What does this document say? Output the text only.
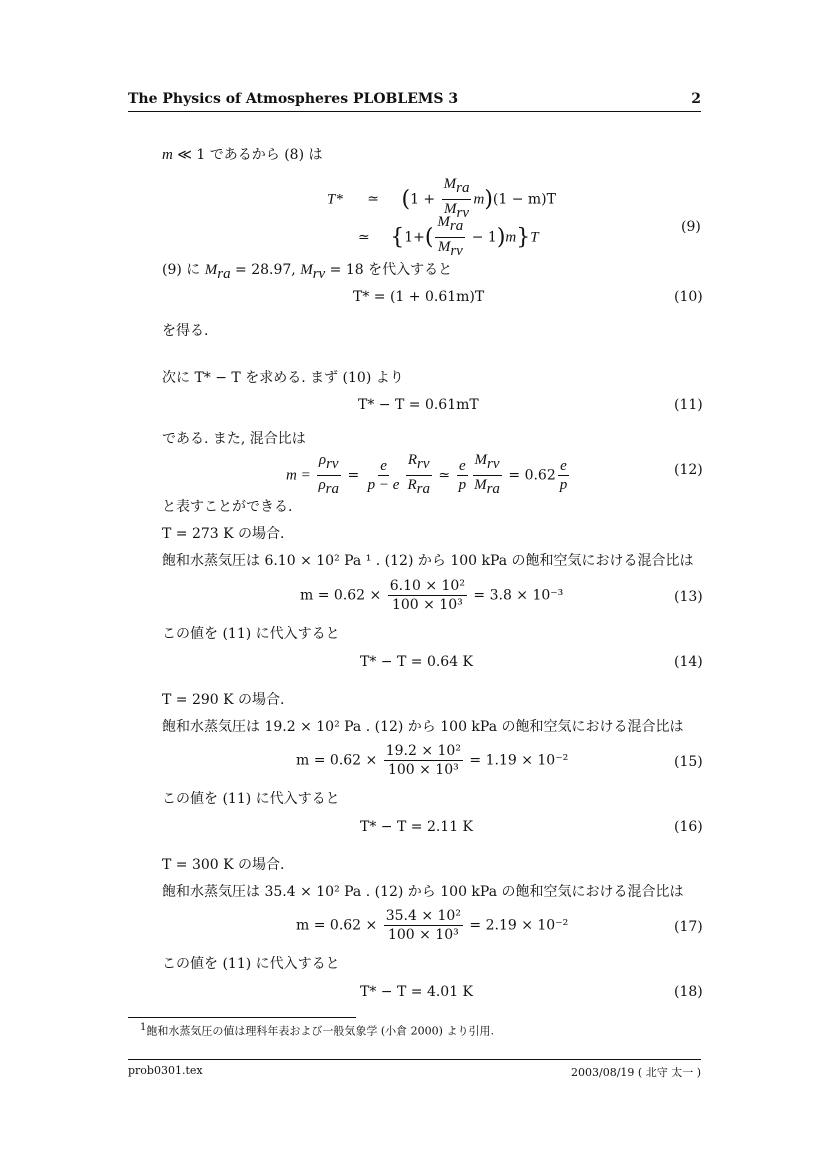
The Physics of Atmospheres PLOBLEMS 3	2
m ≪ 1 であるから (8) は
T* ≃ $(1 + \frac{M_{ra}}{M_{rv}} m)(1 - m)T$
≃ $\{1+( \frac{M_{ra}}{M_{rv}} - 1)m\}T$
(9)
(9) に $M_{ra} = 28.97$, $M_{rv} = 18$ を代入すると
T* = (1 + 0.61m)T	(10)
を得る.
次に T* − T を求める. まず (10) より
T* − T = 0.61mT	(11)
である. また, 混合比は
$m = \frac{\rho_{rv}}{\rho_{ra}} = \frac{e}{p - e} \frac{R_{rv}}{R_{ra}}$ ≃ $\frac{e}{p} \frac{M_{rv}}{M_{ra}} = 0.62 \frac{e}{p}$	(12)
と表すことができる.
T = 273 K の場合.
飽和水蒸気圧は 6.10 × 10² Pa ¹ . (12) から 100 kPa の飽和空気における混合比は
$m = 0.62 \times \frac{\text{6.10 × 10²}}{\text{100 × 10³}} = 3.8 \times 10^{-3}$	(13)
この値を (11) に代入すると
T* − T = 0.64 K	(14)
T = 290 K の場合.
飽和水蒸気圧は 19.2 × 10² Pa . (12) から 100 kPa の飽和空気における混合比は
$m = 0.62 \times \frac{\text{19.2 × 10²}}{\text{100 × 10³}} = 1.19 \times 10^{-2}$	(15)
この値を (11) に代入すると
T* − T = 2.11 K	(16)
T = 300 K の場合.
飽和水蒸気圧は 35.4 × 10² Pa . (12) から 100 kPa の飽和空気における混合比は
$m = 0.62 \times \frac{\text{35.4 × 10²}}{\text{100 × 10³}} = 2.19 \times 10^{-2}$	(17)
この値を (11) に代入すると
T* − T = 4.01 K	(18)
$^1$飽和水蒸気圧の値は理科年表および一般気象学 (小倉 2000) より引用.
prob0301.tex	2003/08/19 ( 北守 太一 )
